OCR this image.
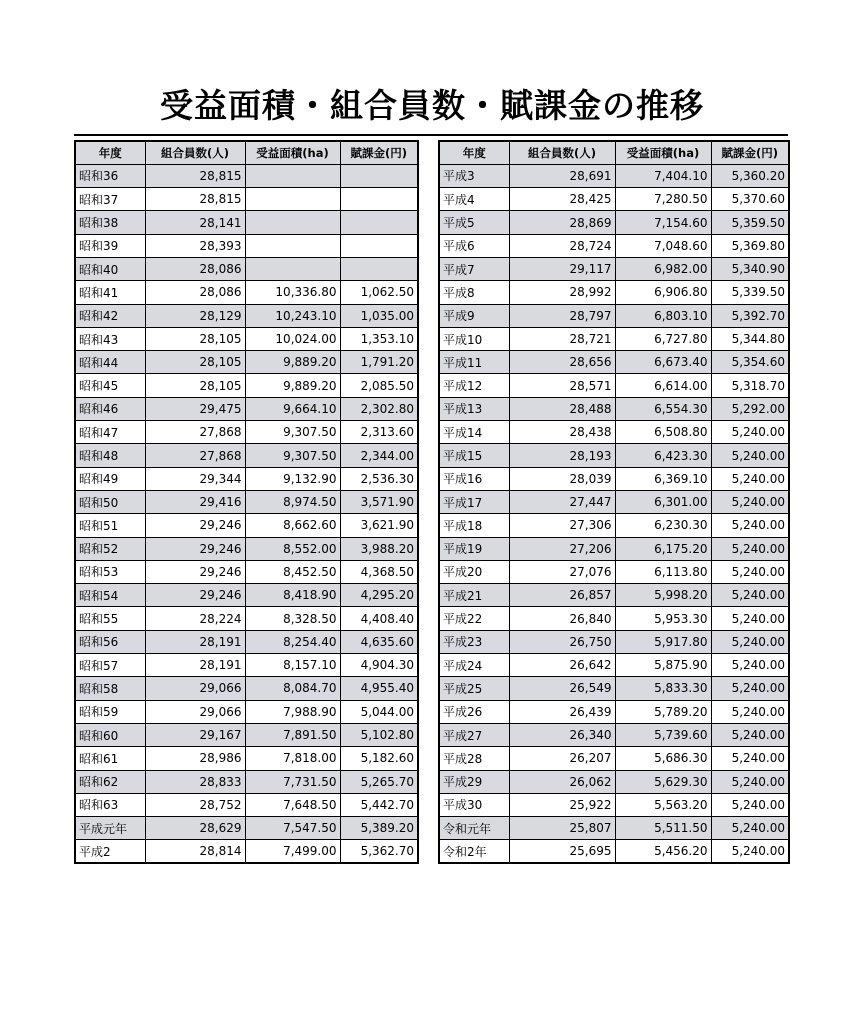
受益面積・組合員数・賦課金の推移
年度	組合員数(人)	受益面積(ha)	賦課金(円)
昭和36	28,815		
昭和37	28,815		
昭和38	28,141		
昭和39	28,393		
昭和40	28,086		
昭和41	28,086	10,336.80	1,062.50
昭和42	28,129	10,243.10	1,035.00
昭和43	28,105	10,024.00	1,353.10
昭和44	28,105	9,889.20	1,791.20
昭和45	28,105	9,889.20	2,085.50
昭和46	29,475	9,664.10	2,302.80
昭和47	27,868	9,307.50	2,313.60
昭和48	27,868	9,307.50	2,344.00
昭和49	29,344	9,132.90	2,536.30
昭和50	29,416	8,974.50	3,571.90
昭和51	29,246	8,662.60	3,621.90
昭和52	29,246	8,552.00	3,988.20
昭和53	29,246	8,452.50	4,368.50
昭和54	29,246	8,418.90	4,295.20
昭和55	28,224	8,328.50	4,408.40
昭和56	28,191	8,254.40	4,635.60
昭和57	28,191	8,157.10	4,904.30
昭和58	29,066	8,084.70	4,955.40
昭和59	29,066	7,988.90	5,044.00
昭和60	29,167	7,891.50	5,102.80
昭和61	28,986	7,818.00	5,182.60
昭和62	28,833	7,731.50	5,265.70
昭和63	28,752	7,648.50	5,442.70
平成元年	28,629	7,547.50	5,389.20
平成2	28,814	7,499.00	5,362.70
年度	組合員数(人)	受益面積(ha)	賦課金(円)
平成3	28,691	7,404.10	5,360.20
平成4	28,425	7,280.50	5,370.60
平成5	28,869	7,154.60	5,359.50
平成6	28,724	7,048.60	5,369.80
平成7	29,117	6,982.00	5,340.90
平成8	28,992	6,906.80	5,339.50
平成9	28,797	6,803.10	5,392.70
平成10	28,721	6,727.80	5,344.80
平成11	28,656	6,673.40	5,354.60
平成12	28,571	6,614.00	5,318.70
平成13	28,488	6,554.30	5,292.00
平成14	28,438	6,508.80	5,240.00
平成15	28,193	6,423.30	5,240.00
平成16	28,039	6,369.10	5,240.00
平成17	27,447	6,301.00	5,240.00
平成18	27,306	6,230.30	5,240.00
平成19	27,206	6,175.20	5,240.00
平成20	27,076	6,113.80	5,240.00
平成21	26,857	5,998.20	5,240.00
平成22	26,840	5,953.30	5,240.00
平成23	26,750	5,917.80	5,240.00
平成24	26,642	5,875.90	5,240.00
平成25	26,549	5,833.30	5,240.00
平成26	26,439	5,789.20	5,240.00
平成27	26,340	5,739.60	5,240.00
平成28	26,207	5,686.30	5,240.00
平成29	26,062	5,629.30	5,240.00
平成30	25,922	5,563.20	5,240.00
令和元年	25,807	5,511.50	5,240.00
令和2年	25,695	5,456.20	5,240.00
